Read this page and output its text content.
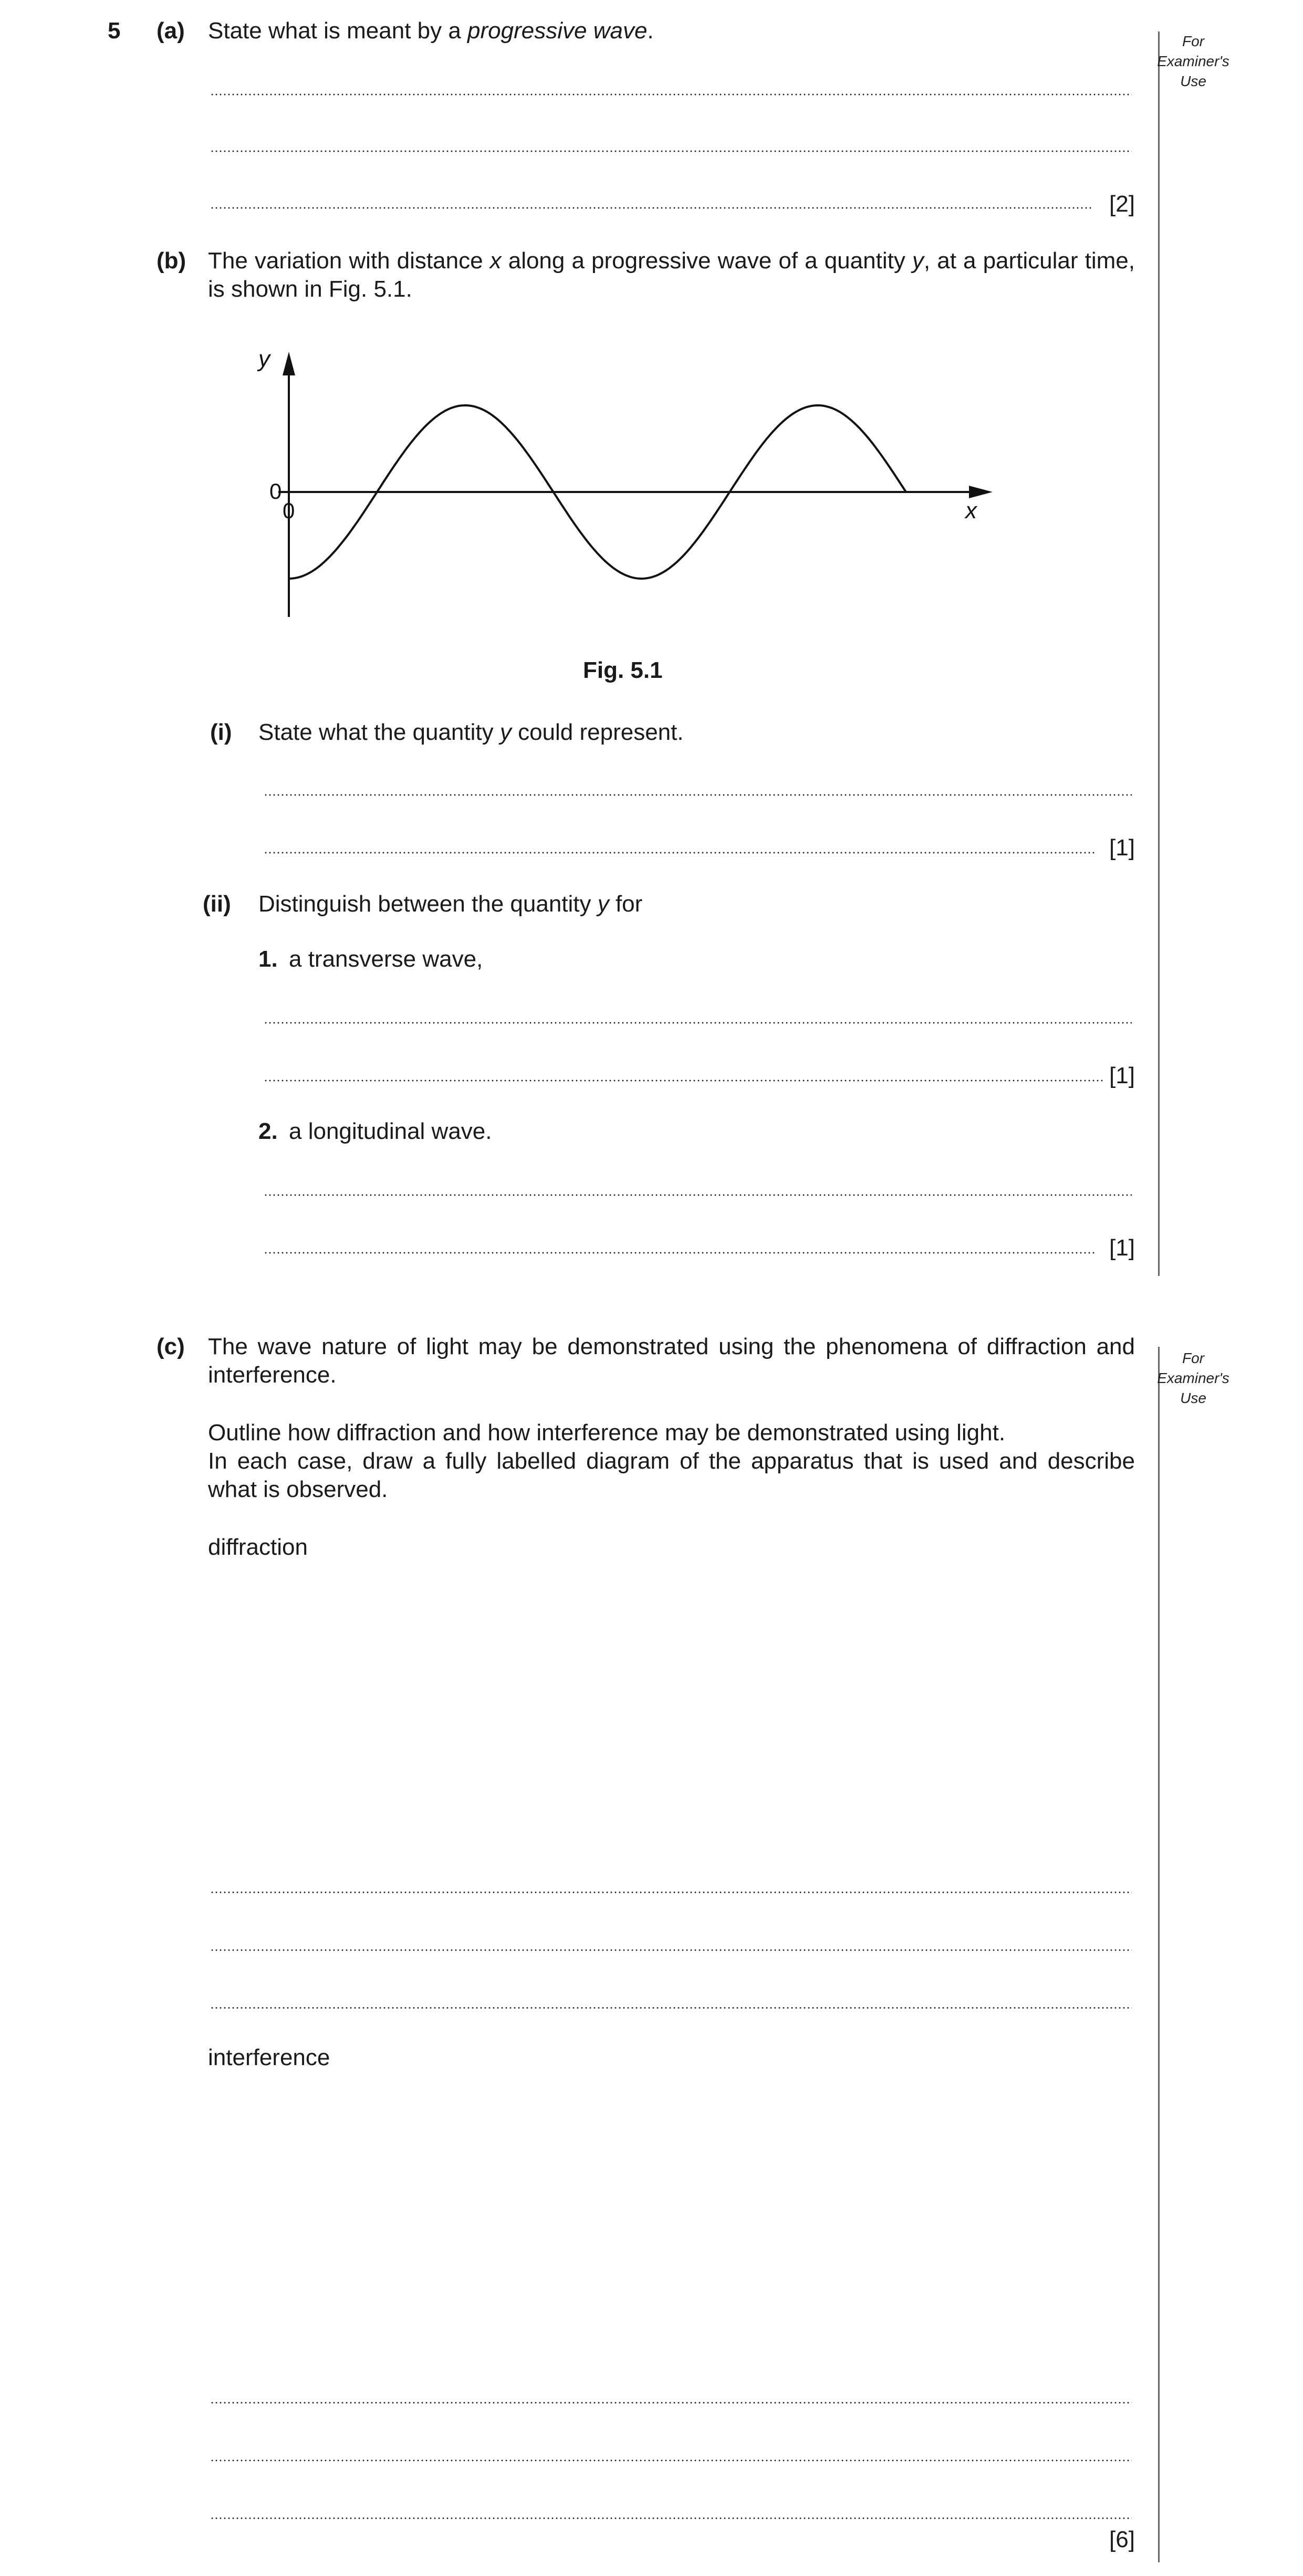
For
Examiner's
Use
5 (a) State what is meant by a progressive wave.
[2]
(b) The variation with distance x along a progressive wave of a quantity y, at a particular time, is shown in Fig. 5.1.
y
0
0	x
Fig. 5.1
(i) State what the quantity y could represent.
[1]
(ii) Distinguish between the quantity y for
1. a transverse wave,
[1]
2. a longitudinal wave.
[1]
For
Examiner's
Use
(c) The wave nature of light may be demonstrated using the phenomena of diffraction and interference.
Outline how diffraction and how interference may be demonstrated using light.
In each case, draw a fully labelled diagram of the apparatus that is used and describe what is observed.
diffraction
interference
[6]
